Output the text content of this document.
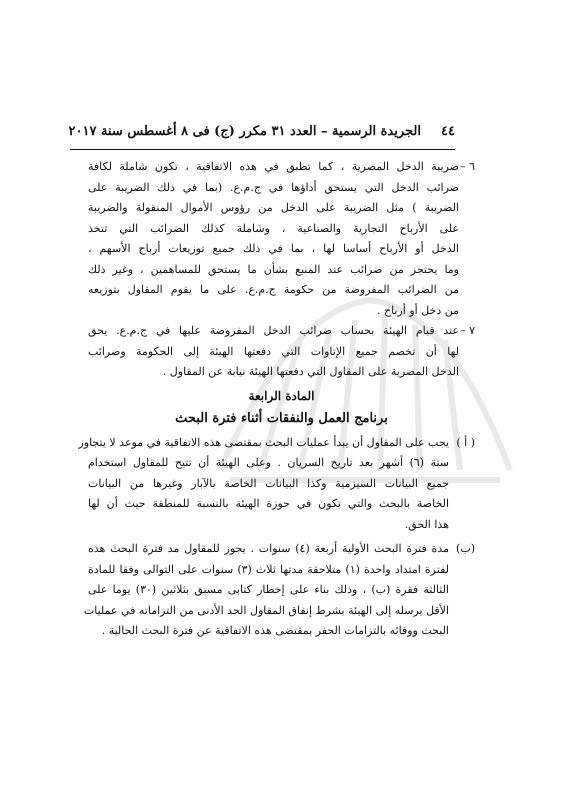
٤٤
الجريدة الرسمية – العدد ٣١ مكرر (ج) فى ٨ أغسطس سنة ٢٠١٧
٦ –
ضريبة الدخل المصرية ، كما تطبق في هذه الاتفاقية ، تكون شاملة لكافة
ضرائب الدخل التي يستحق أداؤها في ج.م.ع. (بما في ذلك الضريبة على
الضريبة ) مثل الضريبة على الدخل من رؤوس الأموال المنقولة والضريبة
على الأرباح التجارية والصناعية ، وشاملة كذلك الضرائب التي تتخذ
الدخل أو الأرباح أساسا لها ، بما في ذلك جميع توزيعات أرباح الأسهم ،
وما يحتجز من ضرائب عند المنبع بشأن ما يستحق للمساهمين ، وغير ذلك
من الضرائب المفروضة من حكومة ج.م.ع. على ما يقوم المقاول بتوزيعه
من دخل أو أرباح .
٧ –
عند قيام الهيئة بحساب ضرائب الدخل المفروضة عليها في ج.م.ع. يحق
لها أن تخصم جميع الإتاوات التي دفعتها الهيئة إلى الحكومة وضرائب
الدخل المصرية على المقاول التي دفعتها الهيئة نيابة عن المقاول .
المادة الرابعة
برنامج العمل والنفقات أثناء فترة البحث
( أ )
يجب على المقاول أن يبدأ عمليات البحث بمقتضى هذه الاتفاقية في موعد لا يتجاوز
ستة (٦) أشهر بعد تاريخ السريان . وعلى الهيئة أن تتيح للمقاول استخدام
جميع البيانات السيزمية وكذا البيانات الخاصة بالآبار وغيرها من البيانات
الخاصة بالبحث والتي تكون في حوزة الهيئة بالنسبة للمنطقة حيث أن لها
هذا الحق.
(ب)
مدة فترة البحث الأولية أربعة (٤) سنوات . يجوز للمقاول مد فترة البحث هذه
لفترة امتداد واحدة (١) متلاحقة مدتها ثلاث (٣) سنوات على التوالى وفقا للمادة
الثالثة فقرة (ب) ، وذلك بناء على إخطار كتابى مسبق بثلاثين (٣٠) يوما على
الأقل يرسله إلى الهيئة بشرط إنفاق المقاول الحد الأدنى من التزاماته في عمليات
البحث ووفائه بالتزامات الحفر بمقتضى هذه الاتفاقية عن فترة البحث الحالية .
